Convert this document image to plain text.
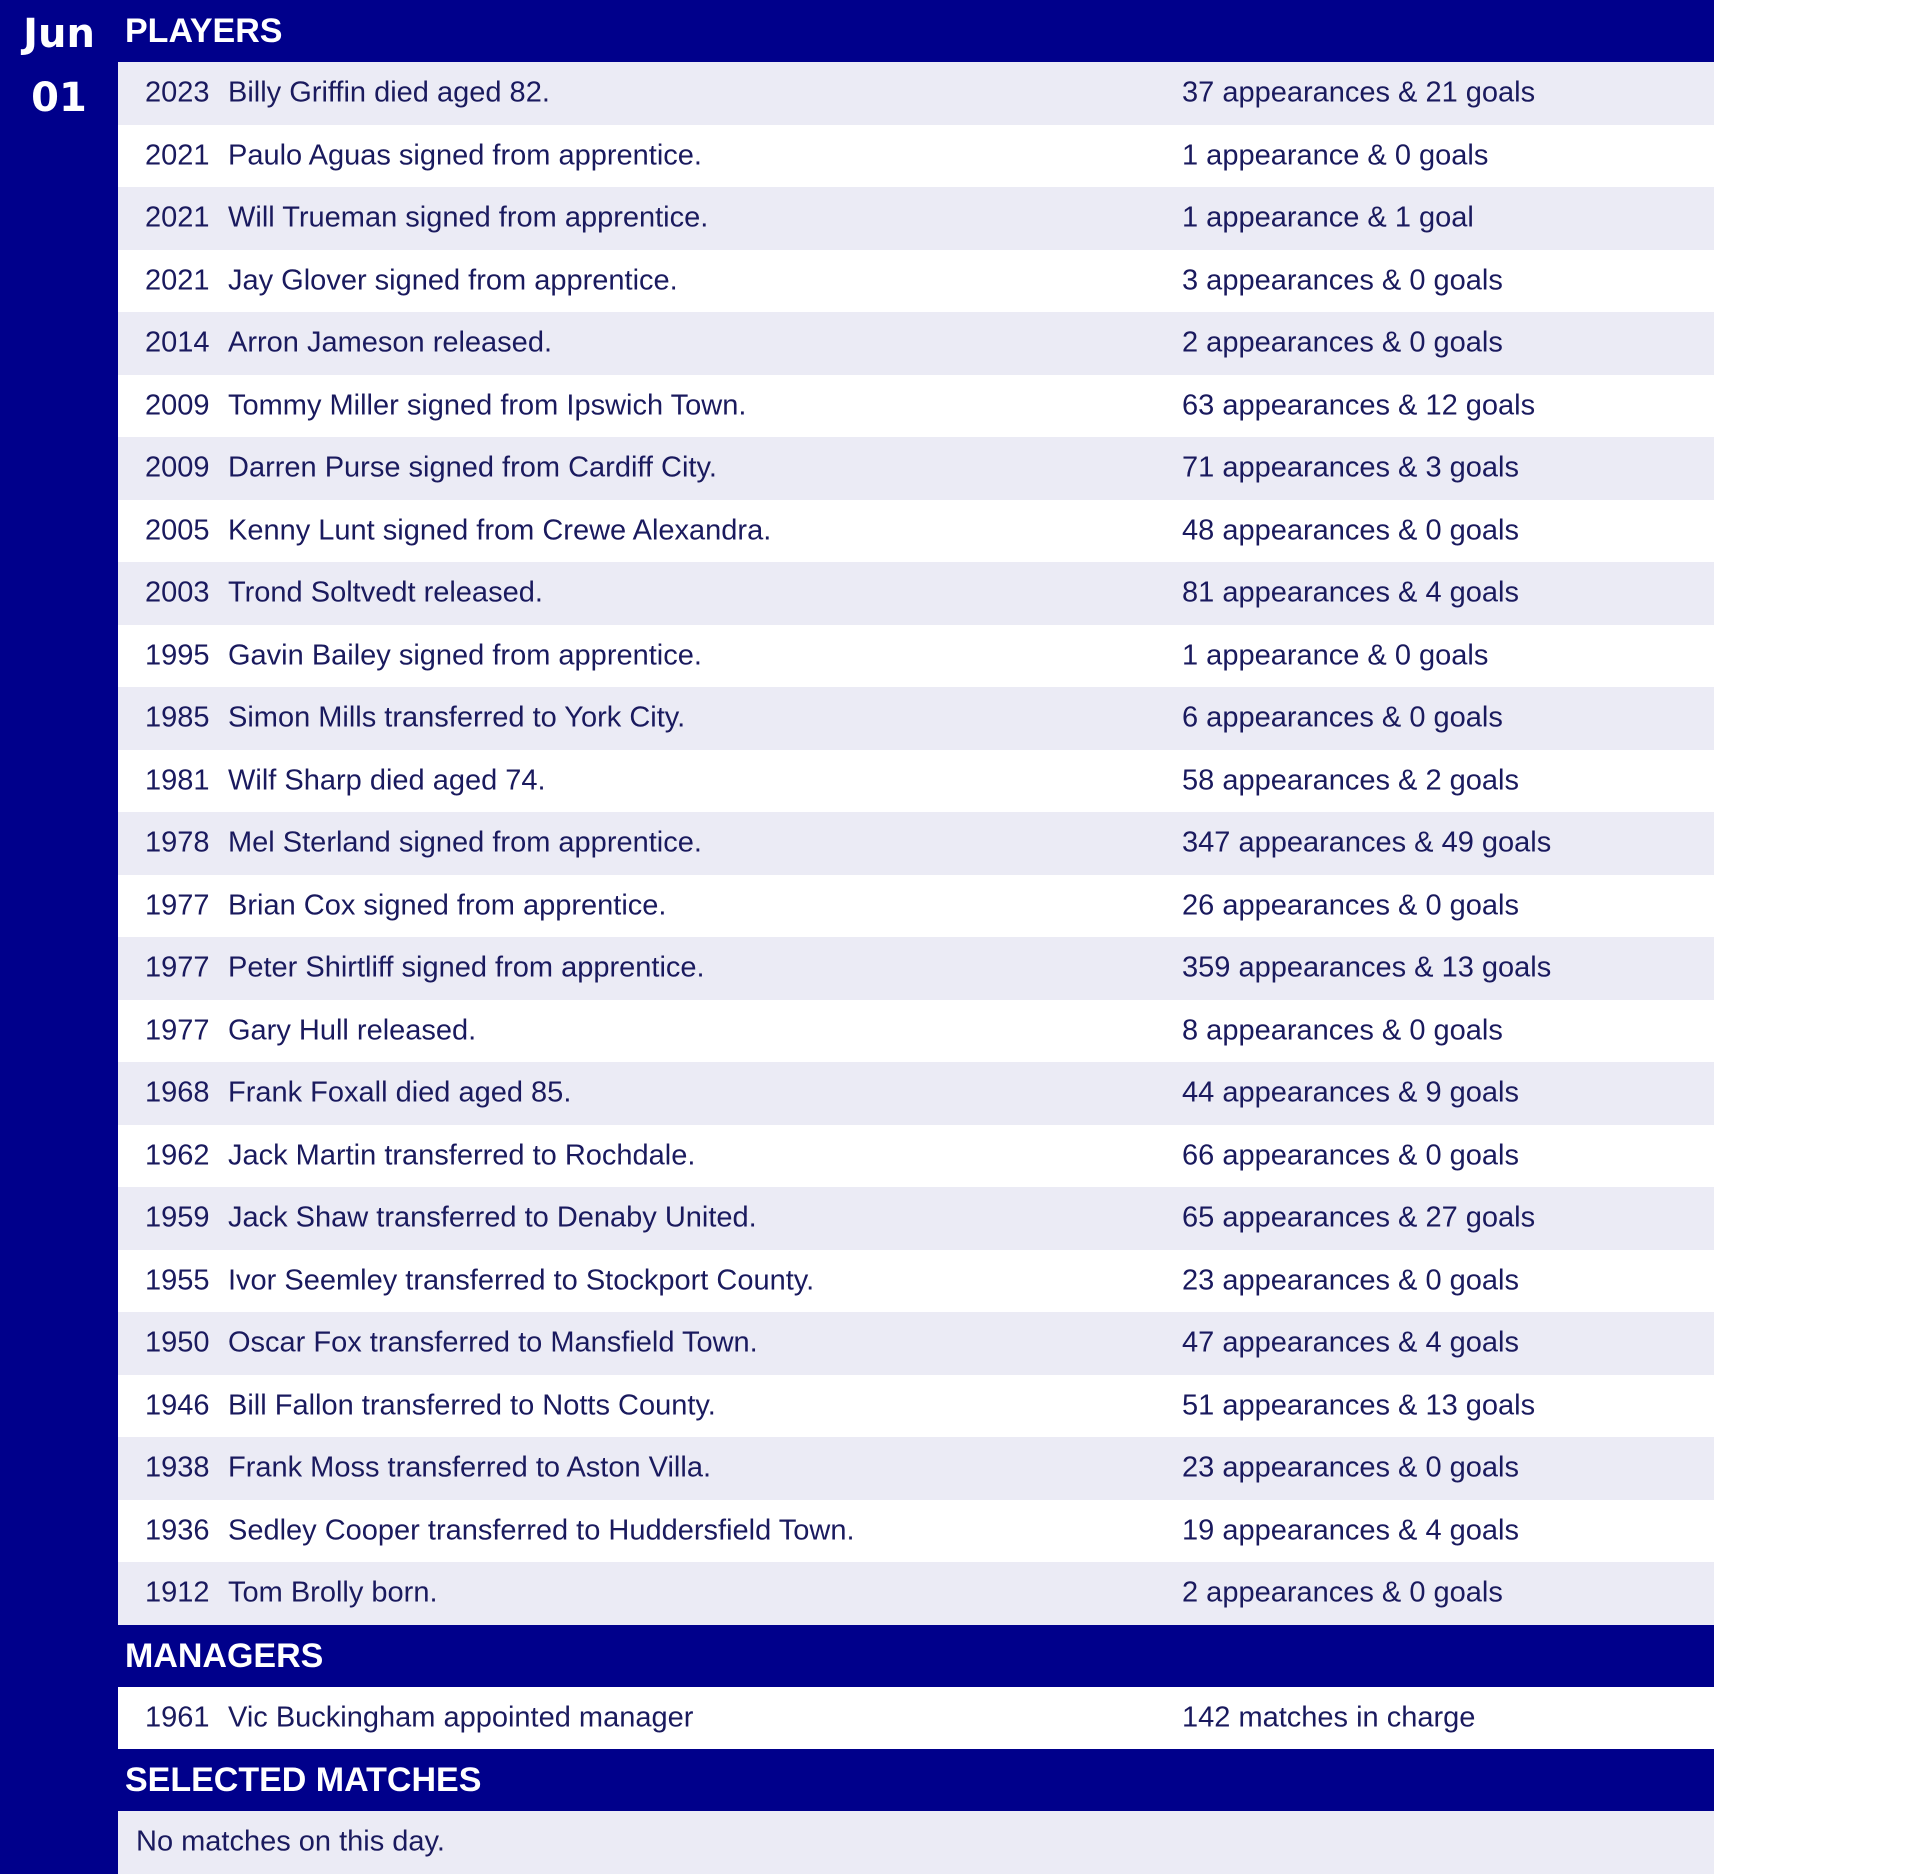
Jun
01
PLAYERS
2023 Billy Griffin died aged 82.	37 appearances & 21 goals
2021 Paulo Aguas signed from apprentice.	1 appearance & 0 goals
2021 Will Trueman signed from apprentice.	1 appearance & 1 goal
2021 Jay Glover signed from apprentice.	3 appearances & 0 goals
2014 Arron Jameson released.	2 appearances & 0 goals
2009 Tommy Miller signed from Ipswich Town.	63 appearances & 12 goals
2009 Darren Purse signed from Cardiff City.	71 appearances & 3 goals
2005 Kenny Lunt signed from Crewe Alexandra.	48 appearances & 0 goals
2003 Trond Soltvedt released.	81 appearances & 4 goals
1995 Gavin Bailey signed from apprentice.	1 appearance & 0 goals
1985 Simon Mills transferred to York City.	6 appearances & 0 goals
1981 Wilf Sharp died aged 74.	58 appearances & 2 goals
1978 Mel Sterland signed from apprentice.	347 appearances & 49 goals
1977 Brian Cox signed from apprentice.	26 appearances & 0 goals
1977 Peter Shirtliff signed from apprentice.	359 appearances & 13 goals
1977 Gary Hull released.	8 appearances & 0 goals
1968 Frank Foxall died aged 85.	44 appearances & 9 goals
1962 Jack Martin transferred to Rochdale.	66 appearances & 0 goals
1959 Jack Shaw transferred to Denaby United.	65 appearances & 27 goals
1955 Ivor Seemley transferred to Stockport County.	23 appearances & 0 goals
1950 Oscar Fox transferred to Mansfield Town.	47 appearances & 4 goals
1946 Bill Fallon transferred to Notts County.	51 appearances & 13 goals
1938 Frank Moss transferred to Aston Villa.	23 appearances & 0 goals
1936 Sedley Cooper transferred to Huddersfield Town.	19 appearances & 4 goals
1912 Tom Brolly born.	2 appearances & 0 goals
MANAGERS
1961 Vic Buckingham appointed manager	142 matches in charge
SELECTED MATCHES
No matches on this day.
